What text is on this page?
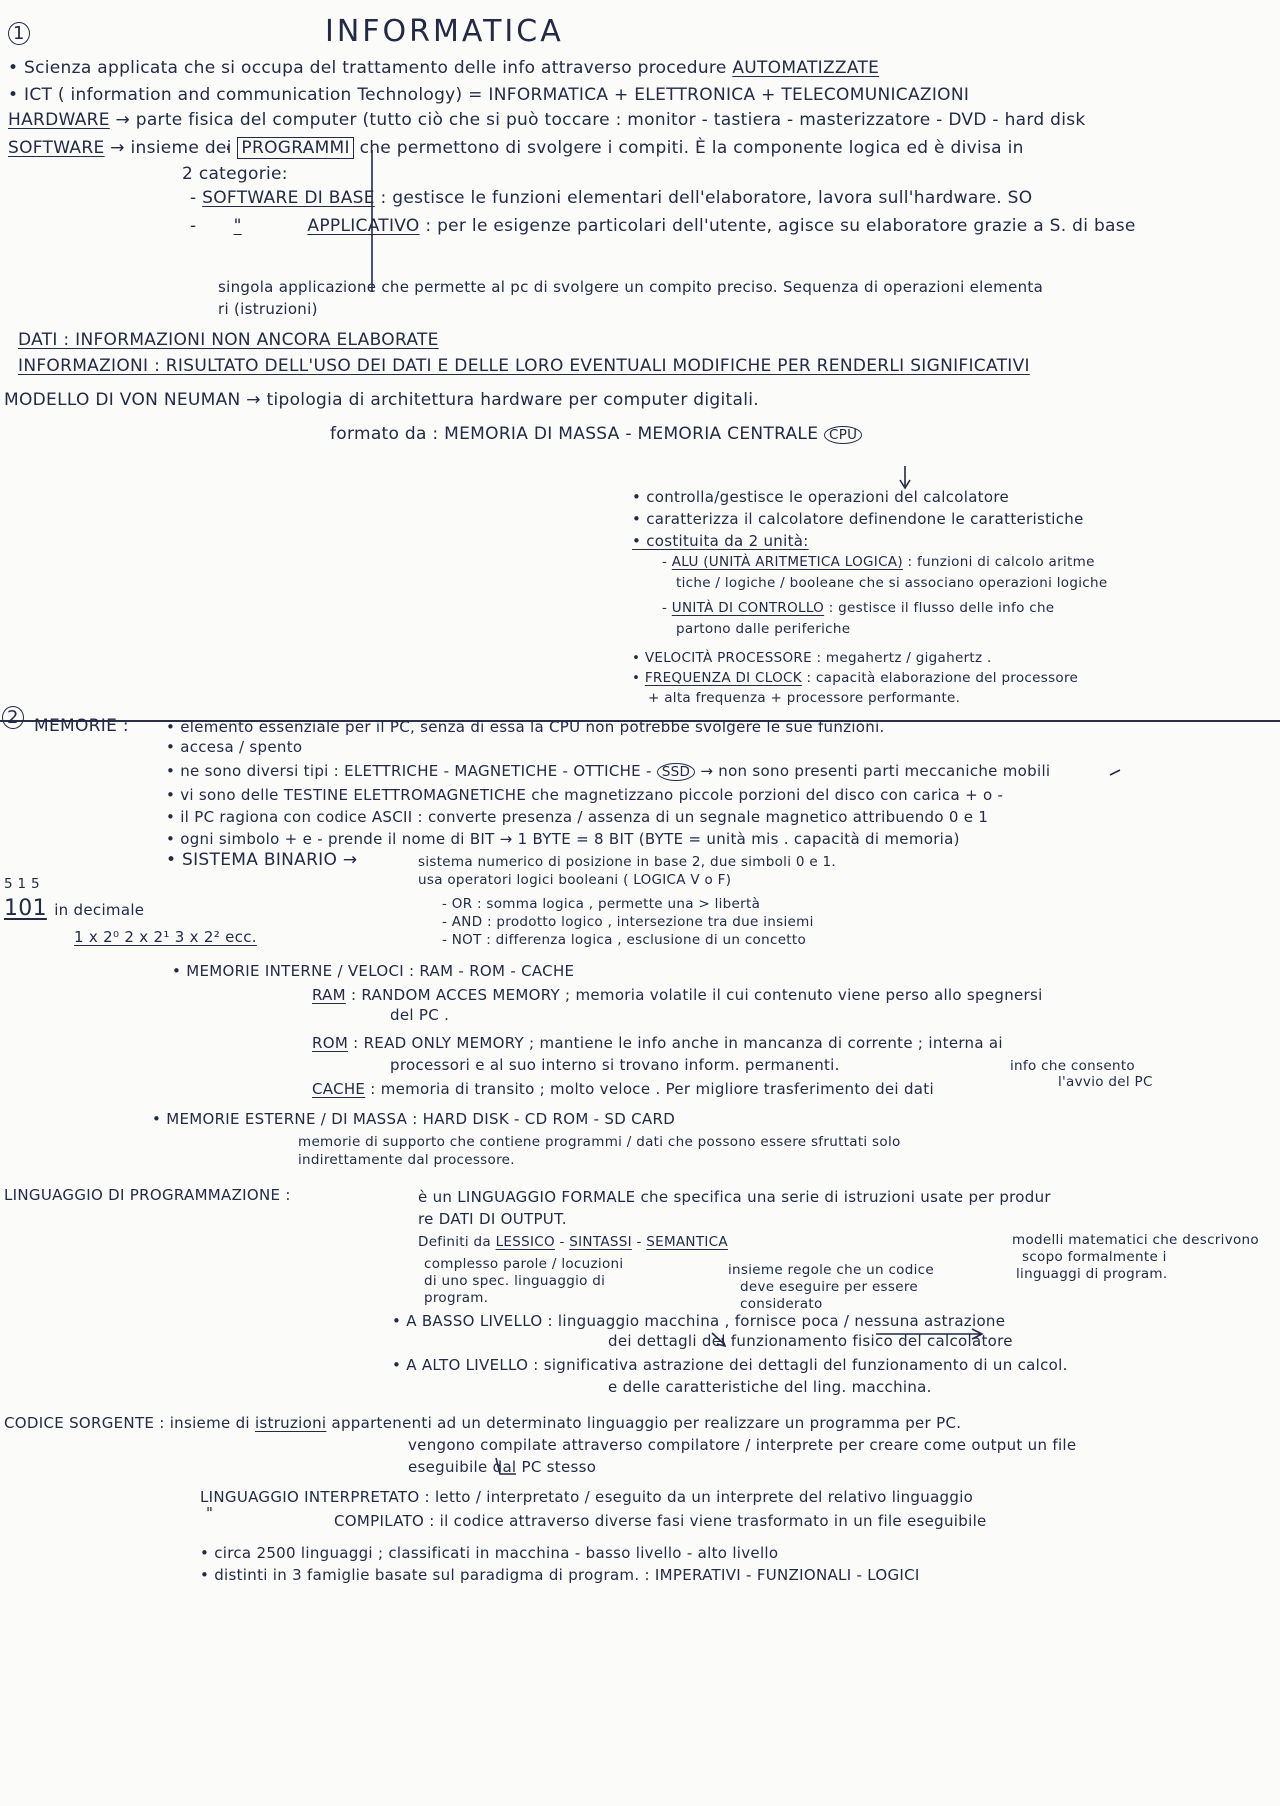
1	INFORMATICA
• Scienza applicata che si occupa del trattamento delle info attraverso procedure AUTOMATIZZATE
• ICT ( information and communication Technology) = INFORMATICA + ELETTRONICA + TELECOMUNICAZIONI
HARDWARE → parte fisica del computer (tutto ciò che si può toccare : monitor - tastiera - masterizzatore - DVD - hard disk
SOFTWARE → insieme dei PROGRAMMI che permettono di svolgere i compiti. È la componente logica ed è divisa in
2 categorie:
- SOFTWARE DI BASE : gestisce le funzioni elementari dell'elaboratore, lavora sull'hardware. SO
-   "	APPLICATIVO : per le esigenze particolari dell'utente, agisce su elaboratore grazie a S. di base
singola applicazione che permette al pc di svolgere un compito preciso. Sequenza di operazioni elementa
ri (istruzioni)
DATI : INFORMAZIONI NON ANCORA ELABORATE
INFORMAZIONI : RISULTATO DELL'USO DEI DATI E DELLE LORO EVENTUALI MODIFICHE PER RENDERLI SIGNIFICATIVI
MODELLO DI VON NEUMAN → tipologia di architettura hardware per computer digitali.
formato da : MEMORIA DI MASSA - MEMORIA CENTRALE CPU
• controlla/gestisce le operazioni del calcolatore
• caratterizza il calcolatore definendone le caratteristiche
• costituita da 2 unità:
- ALU (UNITÀ ARITMETICA LOGICA) : funzioni di calcolo aritme
tiche / logiche / booleane che si associano operazioni logiche
- UNITÀ DI CONTROLLO : gestisce il flusso delle info che
partono dalle periferiche
• VELOCITÀ PROCESSORE : megahertz / gigahertz .
• FREQUENZA DI CLOCK : capacità elaborazione del processore
+ alta frequenza + processore performante.
2 MEMORIE : • elemento essenziale per il PC, senza di essa la CPU non potrebbe svolgere le sue funzioni.
• accesa / spento
• ne sono diversi tipi : ELETTRICHE - MAGNETICHE - OTTICHE - SSD → non sono presenti parti meccaniche mobili
• vi sono delle TESTINE ELETTROMAGNETICHE che magnetizzano piccole porzioni del disco con carica + o -
• il PC ragiona con codice ASCII : converte presenza / assenza di un segnale magnetico attribuendo 0 e 1
• ogni simbolo + e - prende il nome di BIT → 1 BYTE = 8 BIT (BYTE = unità mis . capacità di memoria)
• SISTEMA BINARIO →	sistema numerico di posizione in base 2, due simboli 0 e 1.
usa operatori logici booleani ( LOGICA V o F)
5 1 5
101 in decimale
1 x 2⁰ 2 x 2¹ 3 x 2² ecc.
- OR : somma logica , permette una > libertà
- AND : prodotto logico , intersezione tra due insiemi
- NOT : differenza logica , esclusione di un concetto
• MEMORIE INTERNE / VELOCI : RAM - ROM - CACHE
RAM : RANDOM ACCES MEMORY ; memoria volatile il cui contenuto viene perso allo spegnersi
del PC .
ROM : READ ONLY MEMORY ; mantiene le info anche in mancanza di corrente ; interna ai
processori e al suo interno si trovano inform. permanenti.	info che consento
l'avvio del PC
CACHE : memoria di transito ; molto veloce . Per migliore trasferimento dei dati
• MEMORIE ESTERNE / DI MASSA : HARD DISK - CD ROM - SD CARD
memorie di supporto che contiene programmi / dati che possono essere sfruttati solo
indirettamente dal processore.
LINGUAGGIO DI PROGRAMMAZIONE :	è un LINGUAGGIO FORMALE che specifica una serie di istruzioni usate per produr
re DATI DI OUTPUT.
Definiti da LESSICO - SINTASSI - SEMANTICA	modelli matematici che descrivono
scopo formalmente i
linguaggi di program.
complesso parole / locuzioni
di uno spec. linguaggio di
program.
insieme regole che un codice
deve eseguire per essere
considerato
• A BASSO LIVELLO : linguaggio macchina , fornisce poca / nessuna astrazione
dei dettagli del funzionamento fisico del calcolatore
• A ALTO LIVELLO : significativa astrazione dei dettagli del funzionamento di un calcol.
e delle caratteristiche del ling. macchina.
CODICE SORGENTE : insieme di istruzioni appartenenti ad un determinato linguaggio per realizzare un programma per PC.
vengono compilate attraverso compilatore / interprete per creare come output un file
eseguibile dal PC stesso
LINGUAGGIO INTERPRETATO : letto / interpretato / eseguito da un interprete del relativo linguaggio
"	COMPILATO : il codice attraverso diverse fasi viene trasformato in un file eseguibile
• circa 2500 linguaggi ; classificati in macchina - basso livello - alto livello
• distinti in 3 famiglie basate sul paradigma di program. : IMPERATIVI - FUNZIONALI - LOGICI
